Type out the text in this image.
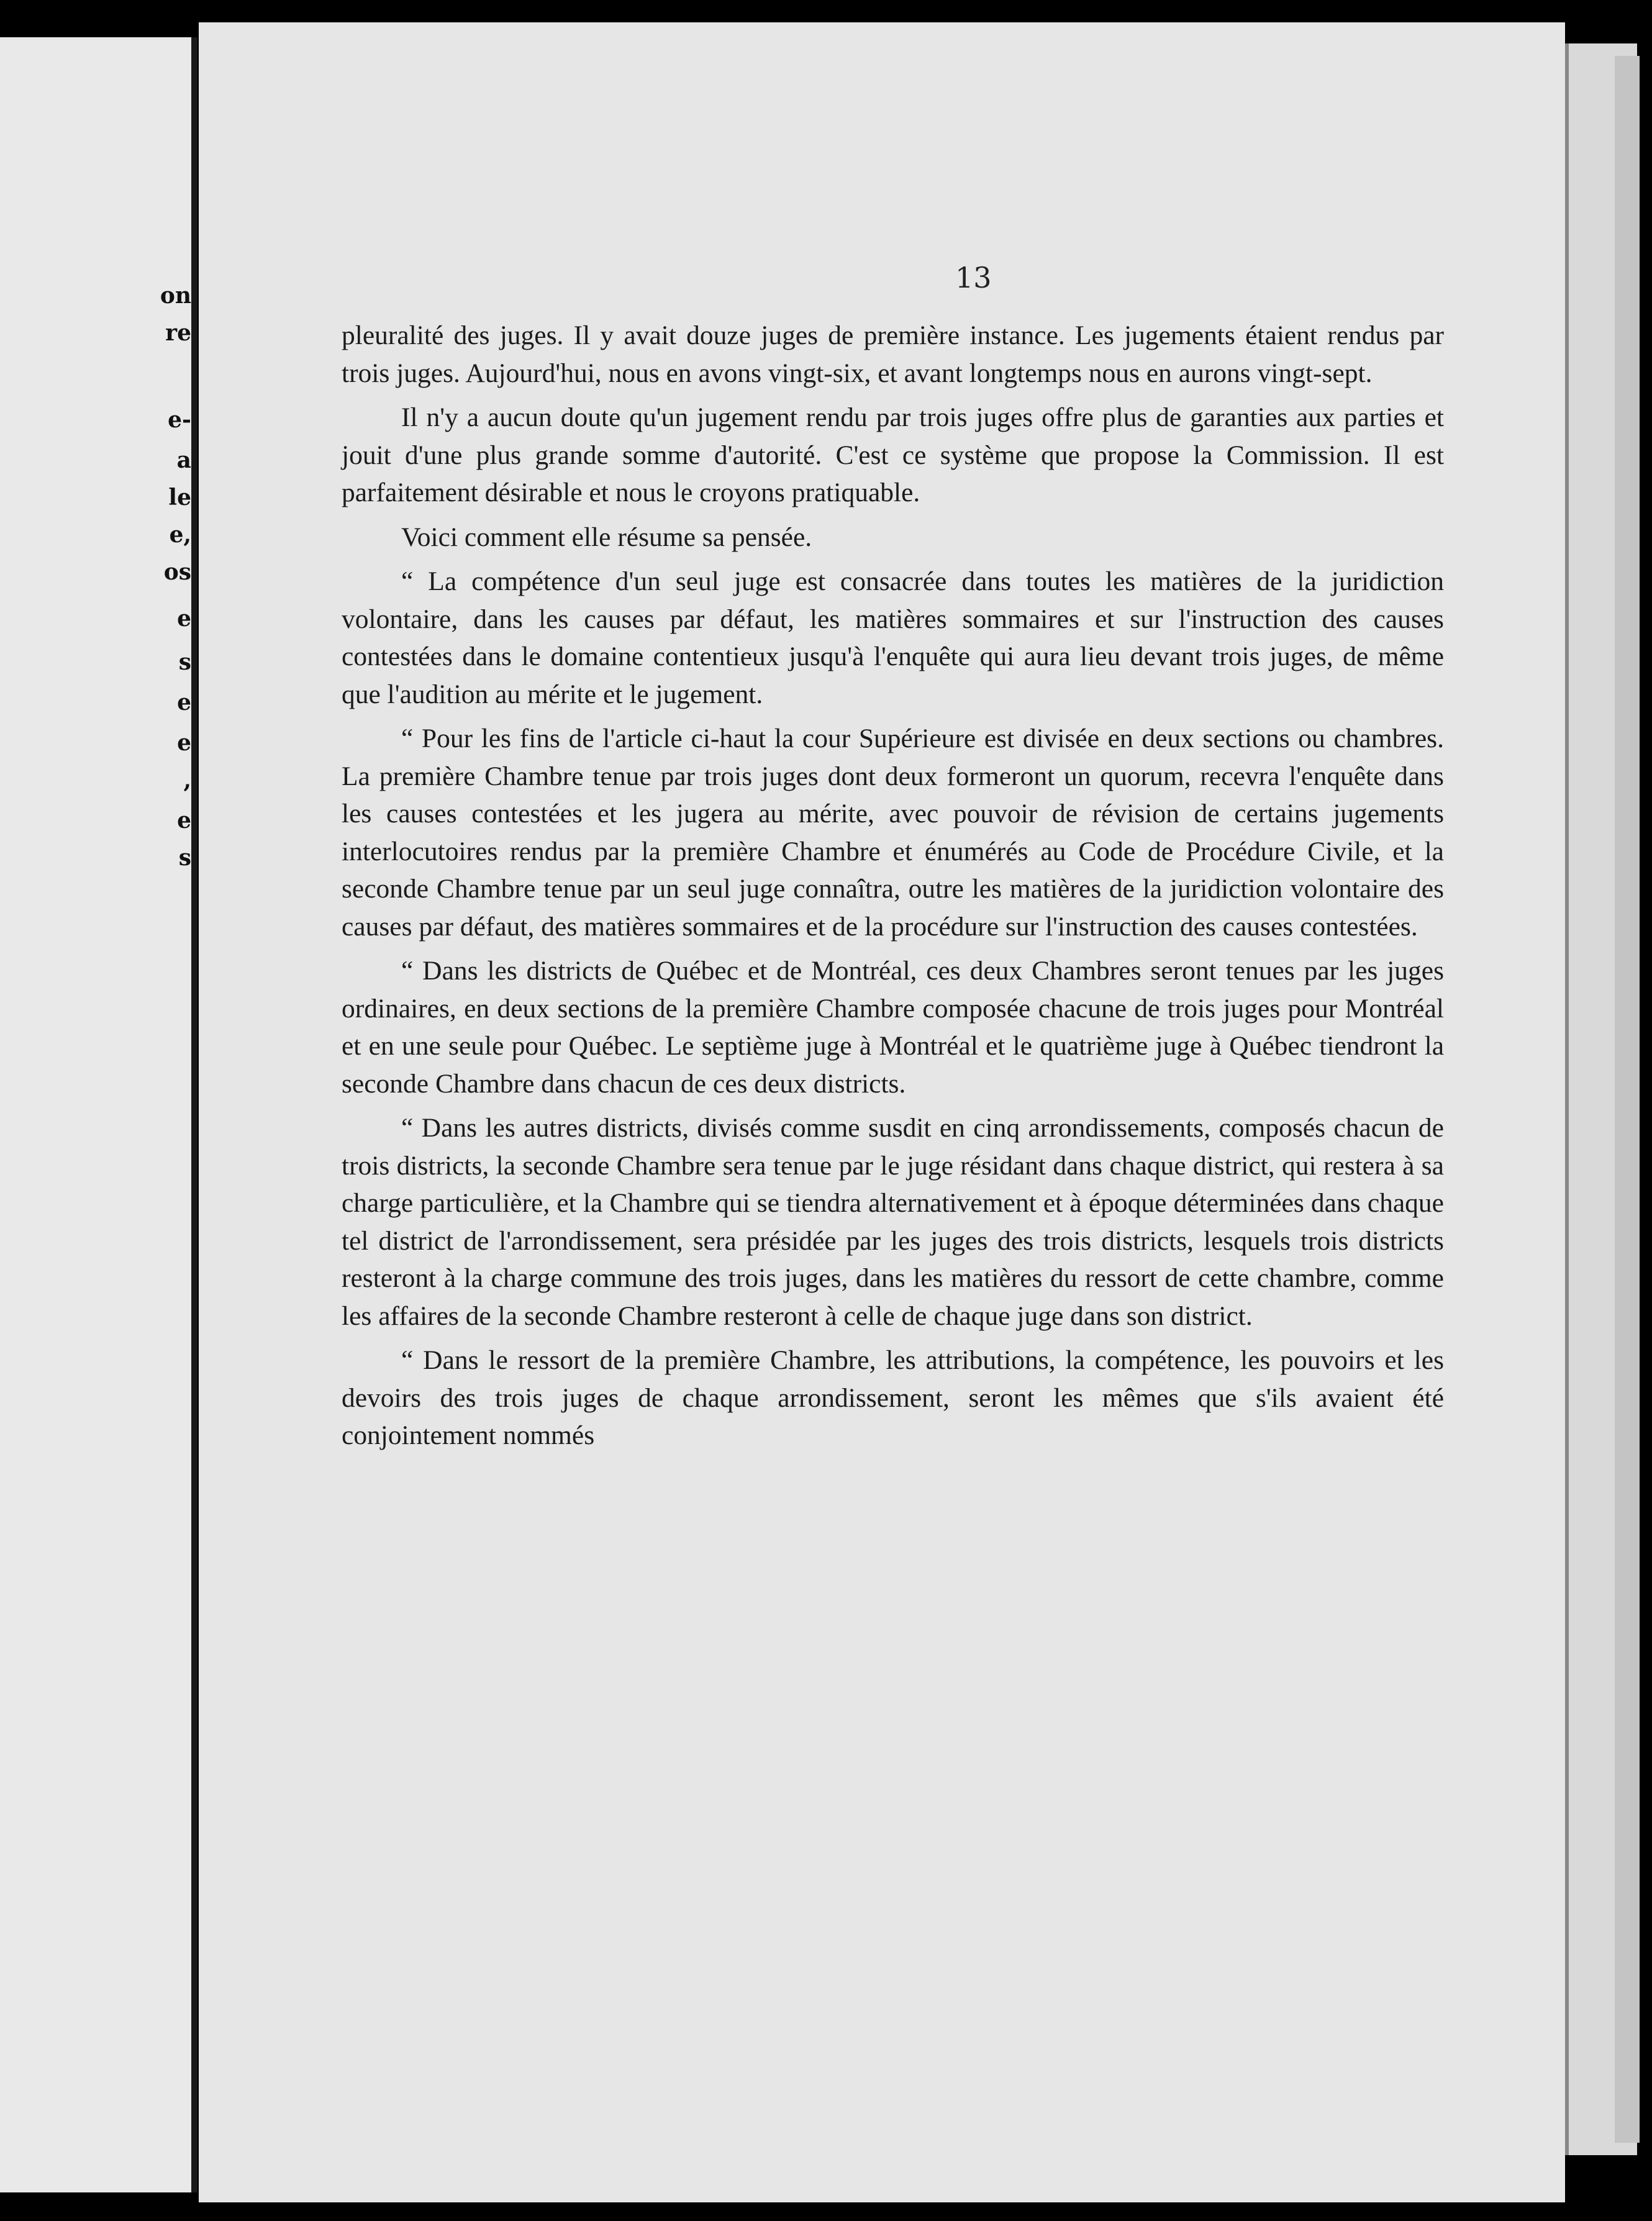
on
re
e-
a
le
e,
os
e
s
e
e
,
e
s
13

pleuralité des juges. Il y avait douze juges de première instance. Les jugements étaient rendus par trois juges. Aujourd'hui, nous en avons vingt-six, et avant longtemps nous en aurons vingt-sept.

Il n'y a aucun doute qu'un jugement rendu par trois juges offre plus de garanties aux parties et jouit d'une plus grande somme d'autorité. C'est ce système que propose la Commission. Il est parfaitement désirable et nous le croyons pratiquable.

Voici comment elle résume sa pensée.

“ La compétence d'un seul juge est consacrée dans toutes les matières de la juridiction volontaire, dans les causes par défaut, les matières sommaires et sur l'instruction des causes contestées dans le domaine contentieux jusqu'à l'enquête qui aura lieu devant trois juges, de même que l'audition au mérite et le jugement.

“ Pour les fins de l'article ci-haut la cour Supérieure est divisée en deux sections ou chambres. La première Chambre tenue par trois juges dont deux formeront un quorum, recevra l'enquête dans les causes contestées et les jugera au mérite, avec pouvoir de révision de certains jugements interlocutoires rendus par la première Chambre et énumérés au Code de Procédure Civile, et la seconde Chambre tenue par un seul juge connaîtra, outre les matières de la juridiction volontaire des causes par défaut, des matières sommaires et de la procédure sur l'instruction des causes contestées.

“ Dans les districts de Québec et de Montréal, ces deux Chambres seront tenues par les juges ordinaires, en deux sections de la première Chambre composée chacune de trois juges pour Montréal et en une seule pour Québec. Le septième juge à Montréal et le quatrième juge à Québec tiendront la seconde Chambre dans chacun de ces deux districts.

“ Dans les autres districts, divisés comme susdit en cinq arrondissements, composés chacun de trois districts, la seconde Chambre sera tenue par le juge résidant dans chaque district, qui restera à sa charge particulière, et la Chambre qui se tiendra alternativement et à époque déterminées dans chaque tel district de l'arrondissement, sera présidée par les juges des trois districts, lesquels trois districts resteront à la charge commune des trois juges, dans les matières du ressort de cette chambre, comme les affaires de la seconde Chambre resteront à celle de chaque juge dans son district.

“ Dans le ressort de la première Chambre, les attributions, la compétence, les pouvoirs et les devoirs des trois juges de chaque arrondissement, seront les mêmes que s'ils avaient été conjointement nommés
